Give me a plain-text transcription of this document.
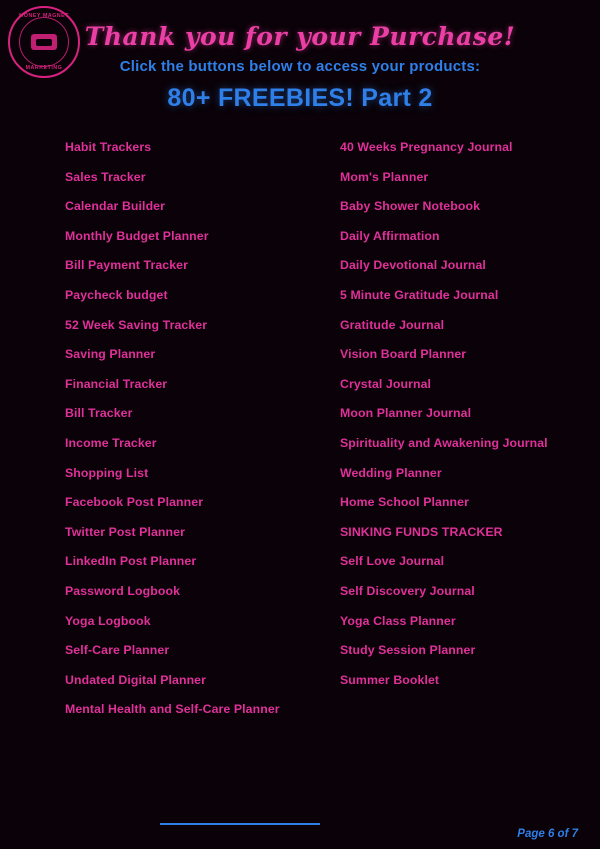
MONEY MAGNET
MARKETING
Thank you for your Purchase!
Click the buttons below to access your products:
80+ FREEBIES! Part 2
Habit Trackers
Sales Tracker
Calendar Builder
Monthly Budget Planner
Bill Payment Tracker
Paycheck budget
52 Week Saving Tracker
Saving Planner
Financial Tracker
Bill Tracker
Income Tracker
Shopping List
Facebook Post Planner
Twitter Post Planner
LinkedIn Post Planner
Password Logbook
Yoga Logbook
Self-Care Planner
Undated Digital Planner
Mental Health and Self-Care Planner
40 Weeks Pregnancy Journal
Mom's Planner
Baby Shower Notebook
Daily Affirmation
Daily Devotional Journal
5 Minute Gratitude Journal
Gratitude Journal
Vision Board Planner
Crystal Journal
Moon Planner Journal
Spirituality and Awakening Journal
Wedding Planner
Home School Planner
SINKING FUNDS TRACKER
Self Love Journal
Self Discovery Journal
Yoga Class Planner
Study Session Planner
Summer Booklet
Page 6 of 7
